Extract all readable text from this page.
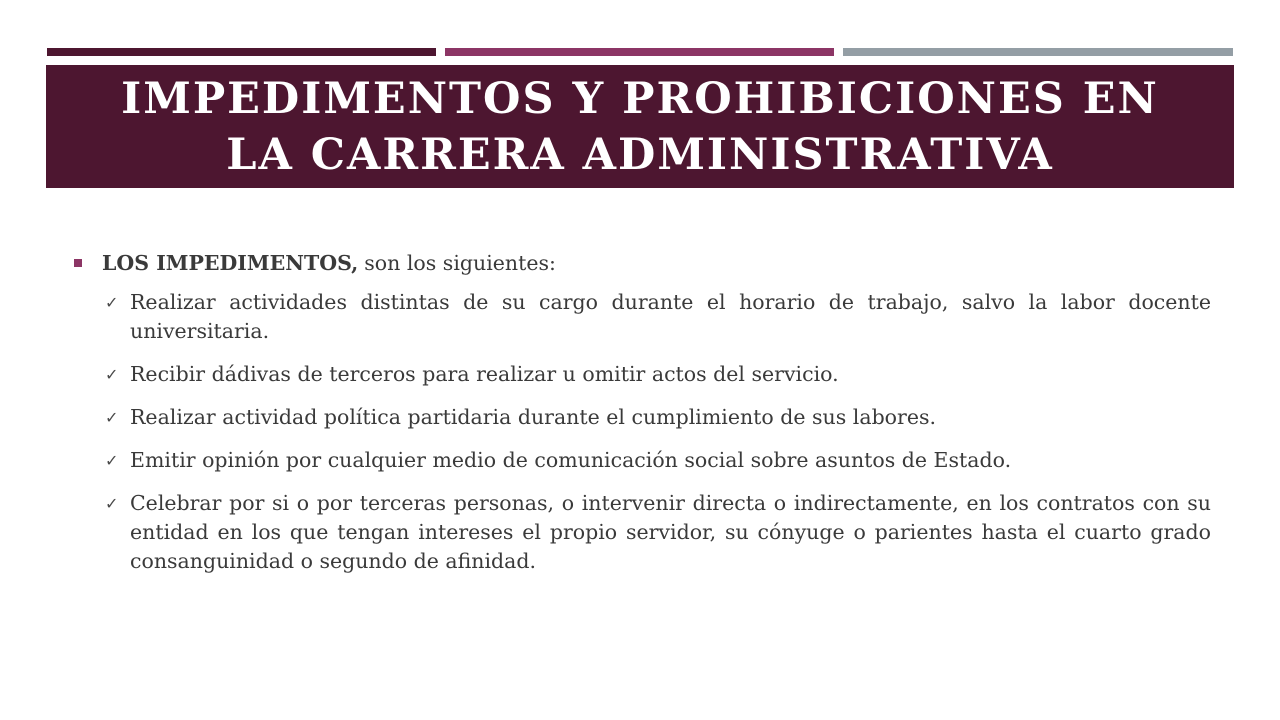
IMPEDIMENTOS Y PROHIBICIONES EN
LA CARRERA ADMINISTRATIVA
LOS IMPEDIMENTOS, son los siguientes:
✓ Realizar actividades distintas de su cargo durante el horario de trabajo, salvo la labor docente universitaria.
✓ Recibir dádivas de terceros para realizar u omitir actos del servicio.
✓ Realizar actividad política partidaria durante el cumplimiento de sus labores.
✓ Emitir opinión por cualquier medio de comunicación social sobre asuntos de Estado.
✓ Celebrar por si o por terceras personas, o intervenir directa o indirectamente, en los contratos con su entidad en los que tengan intereses el propio servidor, su cónyuge o parientes hasta el cuarto grado consanguinidad o segundo de afinidad.
